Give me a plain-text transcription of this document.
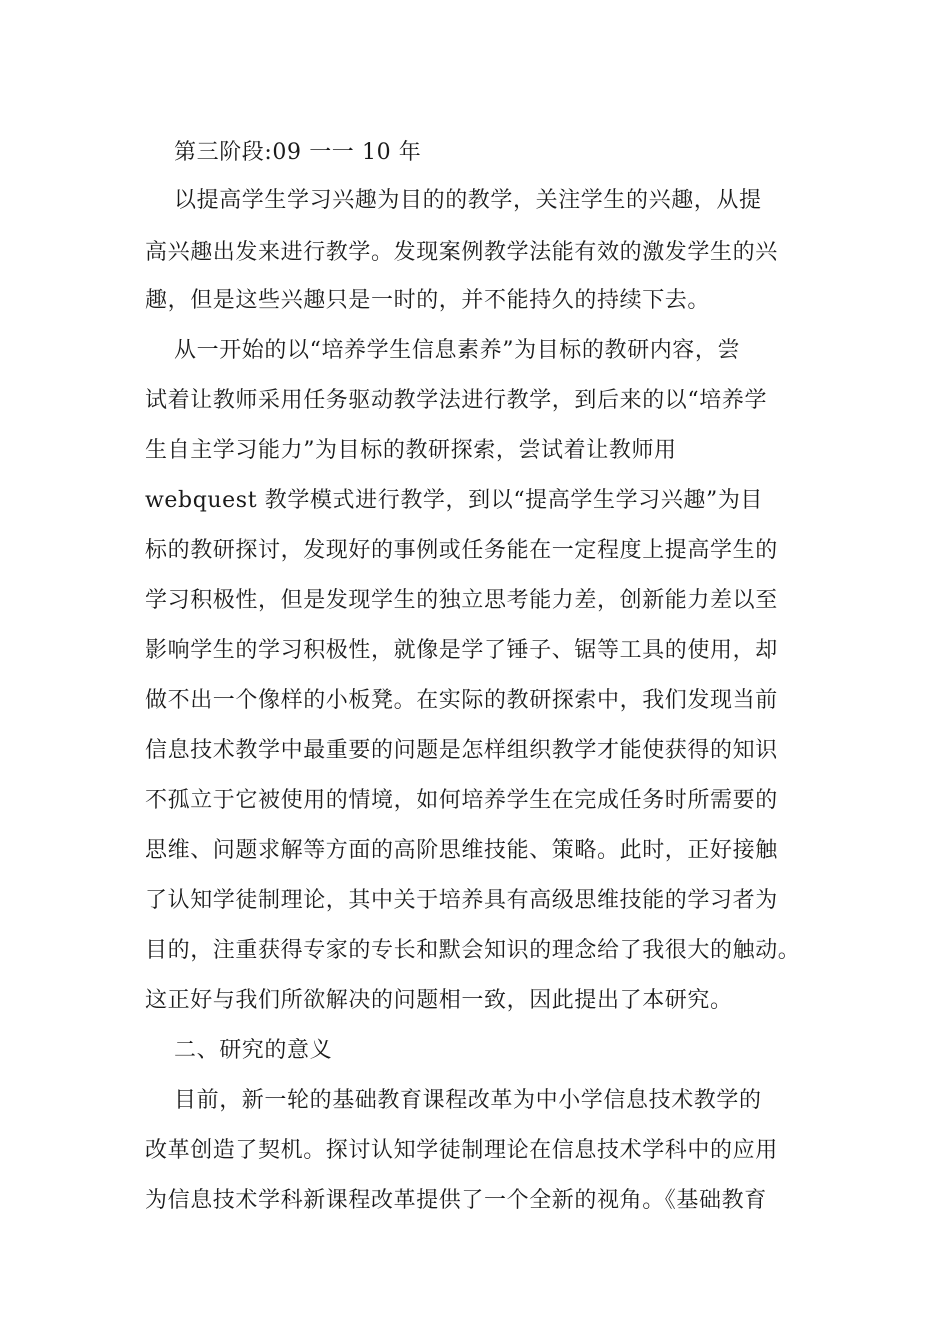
第三阶段:09 一一 10 年

以提高学生学习兴趣为目的的教学，关注学生的兴趣，从提

高兴趣出发来进行教学。发现案例教学法能有效的激发学生的兴

趣，但是这些兴趣只是一时的，并不能持久的持续下去。

从一开始的以“培养学生信息素养”为目标的教研内容，尝

试着让教师采用任务驱动教学法进行教学，到后来的以“培养学

生自主学习能力”为目标的教研探索，尝试着让教师用

webquest 教学模式进行教学，到以“提高学生学习兴趣”为目

标的教研探讨，发现好的事例或任务能在一定程度上提高学生的

学习积极性，但是发现学生的独立思考能力差，创新能力差以至

影响学生的学习积极性，就像是学了锤子、锯等工具的使用，却

做不出一个像样的小板凳。在实际的教研探索中，我们发现当前

信息技术教学中最重要的问题是怎样组织教学才能使获得的知识

不孤立于它被使用的情境，如何培养学生在完成任务时所需要的

思维、问题求解等方面的高阶思维技能、策略。此时，正好接触

了认知学徒制理论，其中关于培养具有高级思维技能的学习者为

目的，注重获得专家的专长和默会知识的理念给了我很大的触动。

这正好与我们所欲解决的问题相一致，因此提出了本研究。

二、研究的意义

目前，新一轮的基础教育课程改革为中小学信息技术教学的

改革创造了契机。探讨认知学徒制理论在信息技术学科中的应用

为信息技术学科新课程改革提供了一个全新的视角。《基础教育
